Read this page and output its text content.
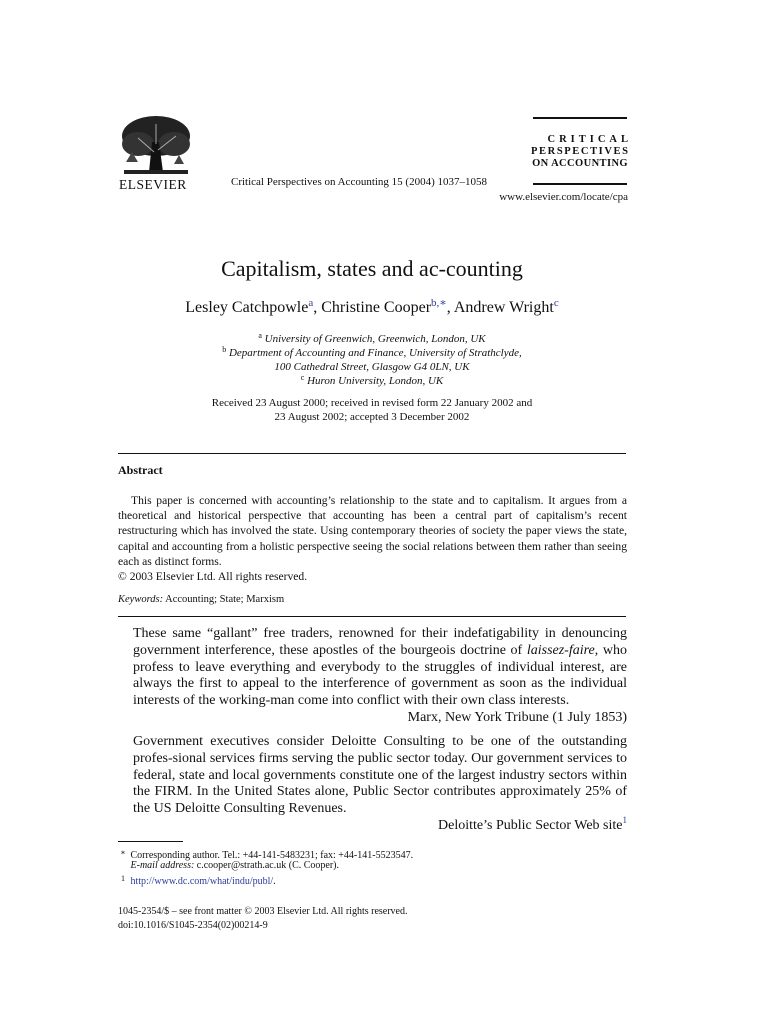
ELSEVIER	Critical Perspectives on Accounting 15 (2004) 1037–1058
CRITICAL
PERSPECTIVES
ON ACCOUNTING
www.elsevier.com/locate/cpa
Capitalism, states and ac-counting
Lesley Catchpowle$^a$, Christine Cooper$^{b,∗}$, Andrew Wright$^c$
$^a$ University of Greenwich, Greenwich, London, UK
$^b$ Department of Accounting and Finance, University of Strathclyde,
100 Cathedral Street, Glasgow G4 0LN, UK
$^c$ Huron University, London, UK
Received 23 August 2000; received in revised form 22 January 2002 and
23 August 2002; accepted 3 December 2002
Abstract
This paper is concerned with accounting’s relationship to the state and to capitalism. It argues from a theoretical and historical perspective that accounting has been a central part of capitalism’s recent restructuring which has involved the state. Using contemporary theories of society the paper views the state, capital and accounting from a holistic perspective seeing the social relations between them rather than seeing each as distinct forms.
© 2003 Elsevier Ltd. All rights reserved.
Keywords: Accounting; State; Marxism
These same “gallant” free traders, renowned for their indefatigability in denouncing government interference, these apostles of the bourgeois doctrine of laissez-faire, who profess to leave everything and everybody to the struggles of individual interest, are always the first to appeal to the interference of government as soon as the individual interests of the working-man come into conflict with their own class interests.
Marx, New York Tribune (1 July 1853)
Government executives consider Deloitte Consulting to be one of the outstanding profes-sional services firms serving the public sector today. Our government services to federal, state and local governments constitute one of the largest industry sectors within the FIRM. In the United States alone, Public Sector contributes approximately 25% of the US Deloitte Consulting Revenues.
Deloitte’s Public Sector Web site$^1$
∗ Corresponding author. Tel.: +44-141-5483231; fax: +44-141-5523547.
E-mail address: c.cooper@strath.ac.uk (C. Cooper).
1 http://www.dc.com/what/indu/publ/.
1045-2354/$ – see front matter © 2003 Elsevier Ltd. All rights reserved.
doi:10.1016/S1045-2354(02)00214-9
